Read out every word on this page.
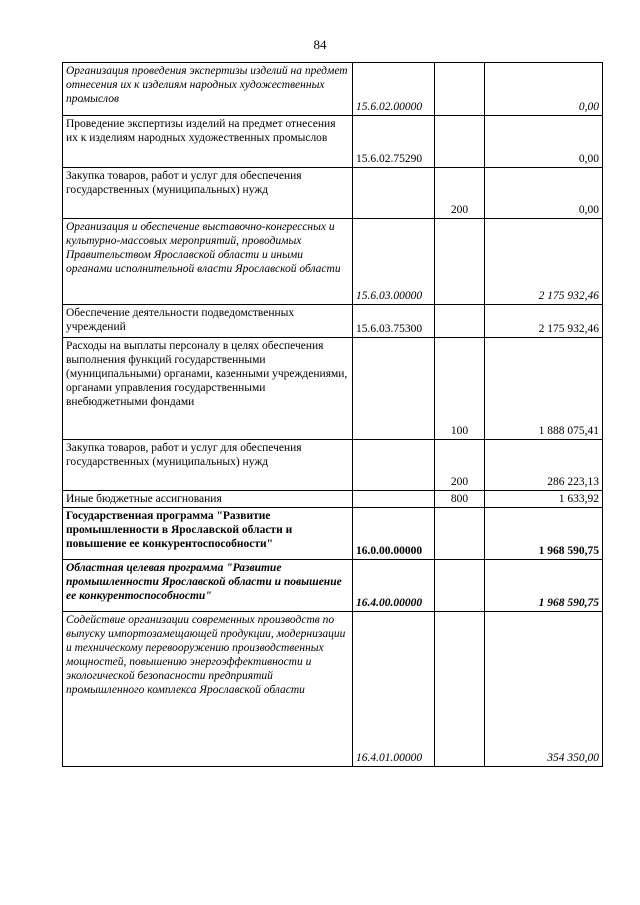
84
Организация проведения экспертизы изделий на предмет отнесения их к изделиям народных художественных промыслов	15.6.02.00000		0,00
Проведение экспертизы изделий на предмет отнесения их к изделиям народных художественных промыслов	15.6.02.75290		0,00
Закупка товаров, работ и услуг для обеспечения государственных (муниципальных) нужд		200	0,00
Организация и обеспечение выставочно-конгрессных и культурно-массовых мероприятий, проводимых Правительством Ярославской области и иными органами исполнительной власти Ярославской области	15.6.03.00000		2 175 932,46
Обеспечение деятельности подведомственных учреждений	15.6.03.75300		2 175 932,46
Расходы на выплаты персоналу в целях обеспечения выполнения функций государственными (муниципальными) органами, казенными учреждениями, органами управления государственными внебюджетными фондами		100	1 888 075,41
Закупка товаров, работ и услуг для обеспечения государственных (муниципальных) нужд		200	286 223,13
Иные бюджетные ассигнования		800	1 633,92
Государственная программа "Развитие промышленности в Ярославской области и повышение ее конкурентоспособности"	16.0.00.00000		1 968 590,75
Областная целевая программа "Развитие промышленности Ярославской области и повышение ее конкурентоспособности"	16.4.00.00000		1 968 590,75
Содействие организации современных производств по выпуску импортозамещающей продукции, модернизации и техническому перевооружению производственных мощностей, повышению энергоэффективности и экологической безопасности предприятий промышленного комплекса Ярославской области	16.4.01.00000		354 350,00
